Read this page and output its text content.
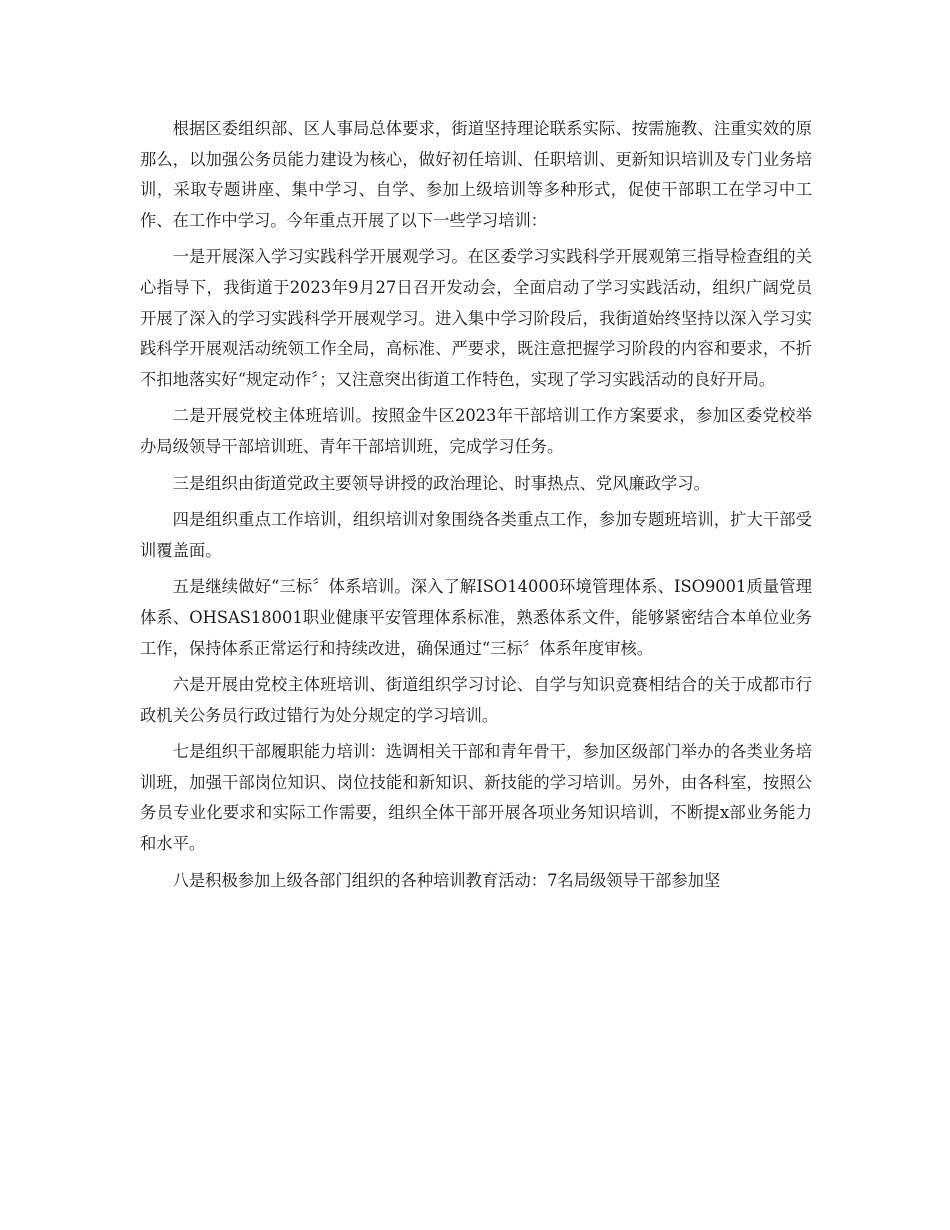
根据区委组织部、区人事局总体要求，街道坚持理论联系实际、按需施教、注重实效的原那么，以加强公务员能力建设为核心，做好初任培训、任职培训、更新知识培训及专门业务培训，采取专题讲座、集中学习、自学、参加上级培训等多种形式，促使干部职工在学习中工作、在工作中学习。今年重点开展了以下一些学习培训：

一是开展深入学习实践科学开展观学习。在区委学习实践科学开展观第三指导检查组的关心指导下，我街道于2023年9月27日召开发动会，全面启动了学习实践活动，组织广阔党员开展了深入的学习实践科学开展观学习。进入集中学习阶段后，我街道始终坚持以深入学习实践科学开展观活动统领工作全局，高标准、严要求，既注意把握学习阶段的内容和要求，不折不扣地落实好“规定动作〞；又注意突出街道工作特色，实现了学习实践活动的良好开局。

二是开展党校主体班培训。按照金牛区2023年干部培训工作方案要求，参加区委党校举办局级领导干部培训班、青年干部培训班，完成学习任务。

三是组织由街道党政主要领导讲授的政治理论、时事热点、党风廉政学习。

四是组织重点工作培训，组织培训对象围绕各类重点工作，参加专题班培训，扩大干部受训覆盖面。

五是继续做好“三标〞体系培训。深入了解ISO14000环境管理体系、ISO9001质量管理体系、OHSAS18001职业健康平安管理体系标准，熟悉体系文件，能够紧密结合本单位业务工作，保持体系正常运行和持续改进，确保通过“三标〞体系年度审核。

六是开展由党校主体班培训、街道组织学习讨论、自学与知识竞赛相结合的关于成都市行政机关公务员行政过错行为处分规定的学习培训。

七是组织干部履职能力培训：选调相关干部和青年骨干，参加区级部门举办的各类业务培训班，加强干部岗位知识、岗位技能和新知识、新技能的学习培训。另外，由各科室，按照公务员专业化要求和实际工作需要，组织全体干部开展各项业务知识培训，不断提x部业务能力和水平。

八是积极参加上级各部门组织的各种培训教育活动：7名局级领导干部参加坚
